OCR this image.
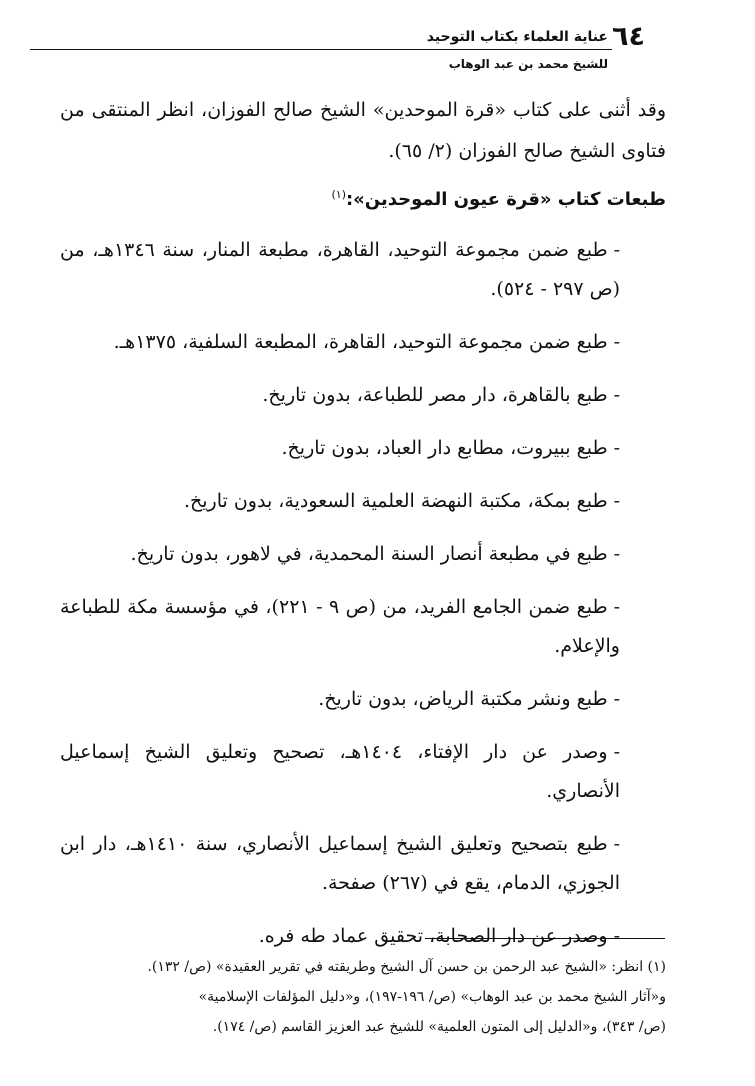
٦٤
عناية العلماء بكتاب التوحيد
للشيخ محمد بن عبد الوهاب

وقد أثنى على كتاب «قرة الموحدين» الشيخ صالح الفوزان، انظر المنتقى من فتاوى الشيخ صالح الفوزان (٢/ ٦٥).

طبعات كتاب «قرة عيون الموحدين»:$^{(١)}$
-طبع ضمن مجموعة التوحيد، القاهرة، مطبعة المنار، سنة ١٣٤٦هـ، من (ص ٢٩٧ - ٥٢٤).
-طبع ضمن مجموعة التوحيد، القاهرة، المطبعة السلفية، ١٣٧٥هـ.
-طبع بالقاهرة، دار مصر للطباعة، بدون تاريخ.
-طبع ببيروت، مطابع دار العباد، بدون تاريخ.
-طبع بمكة، مكتبة النهضة العلمية السعودية، بدون تاريخ.
-طبع في مطبعة أنصار السنة المحمدية، في لاهور، بدون تاريخ.
-طبع ضمن الجامع الفريد، من (ص ٩ - ٢٢١)، في مؤسسة مكة للطباعة والإعلام.
-طبع ونشر مكتبة الرياض، بدون تاريخ.
-وصدر عن دار الإفتاء، ١٤٠٤هـ، تصحيح وتعليق الشيخ إسماعيل الأنصاري.
-طبع بتصحيح وتعليق الشيخ إسماعيل الأنصاري، سنة ١٤١٠هـ، دار ابن الجوزي، الدمام، يقع في (٢٦٧) صفحة.
-وصدر عن دار الصحابة، تحقيق عماد طه فره.

(١) انظر: «الشيخ عبد الرحمن بن حسن آل الشيخ وطريقته في تقرير العقيدة» (ص/ ١٣٢).

و«آثار الشيخ محمد بن عبد الوهاب» (ص/ ١٩٦-١٩٧)، و«دليل المؤلفات الإسلامية»

(ص/ ٣٤٣)، و«الدليل إلى المتون العلمية» للشيخ عبد العزيز القاسم (ص/ ١٧٤).
